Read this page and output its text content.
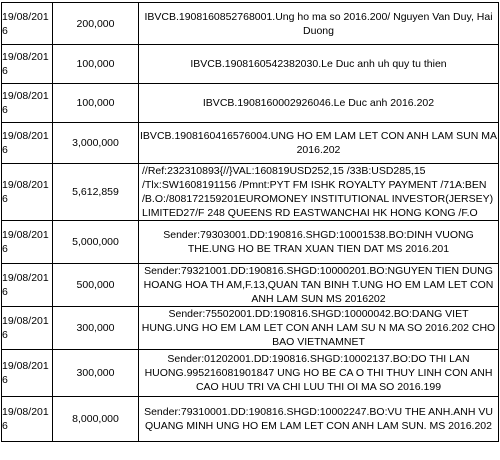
19/08/2016	200,000	IBVCB.1908160852768001.Ung ho ma so 2016.200/ Nguyen Van Duy, Hai Duong
19/08/2016	100,000	IBVCB.1908160542382030.Le Duc anh uh quy tu thien
19/08/2016	100,000	IBVCB.1908160002926046.Le Duc anh 2016.202
19/08/2016	3,000,000	IBVCB.1908160416576004.UNG HO EM LAM LET CON ANH LAM SUN MA 2016.202
19/08/2016	5,612,859	//Ref:232310893{//}VAL:160819USD252,15 /33B:USD285,15 /Tlx:SW1608191156 /Pmnt:PYT FM ISHK ROYALTY PAYMENT /71A:BEN /B.O:/808172159201EUROMONEY INSTITUTIONAL INVESTOR(JERSEY) LIMITED27/F 248 QUEENS RD EASTWANCHAI HK HONG KONG /F.O
19/08/2016	5,000,000	Sender:79303001.DD:190816.SHGD:10001538.BO:DINH VUONG THE.UNG HO BE TRAN XUAN TIEN DAT MS 2016.201
19/08/2016	500,000	Sender:79321001.DD:190816.SHGD:10000201.BO:NGUYEN TIEN DUNG HOANG HOA TH AM,F.13,QUAN TAN BINH T.UNG HO EM LAM LET CON ANH LAM SUN MS 2016202
19/08/2016	300,000	Sender:75502001.DD:190816.SHGD:10000042.BO:DANG VIET HUNG.UNG HO EM LAM LET CON ANH LAM SU N MA SO 2016.202 CHO BAO VIETNAMNET
19/08/2016	300,000	Sender:01202001.DD:190816.SHGD:10002137.BO:DO THI LAN HUONG.995216081901847 UNG HO BE CA O THI THUY LINH CON ANH CAO HUU TRI VA CHI LUU THI OI MA SO 2016.199
19/08/2016	8,000,000	Sender:79310001.DD:190816.SHGD:10002247.BO:VU THE ANH.ANH VU QUANG MINH UNG HO EM LAM LET CON ANH LAM SUN. MS 2016.202
